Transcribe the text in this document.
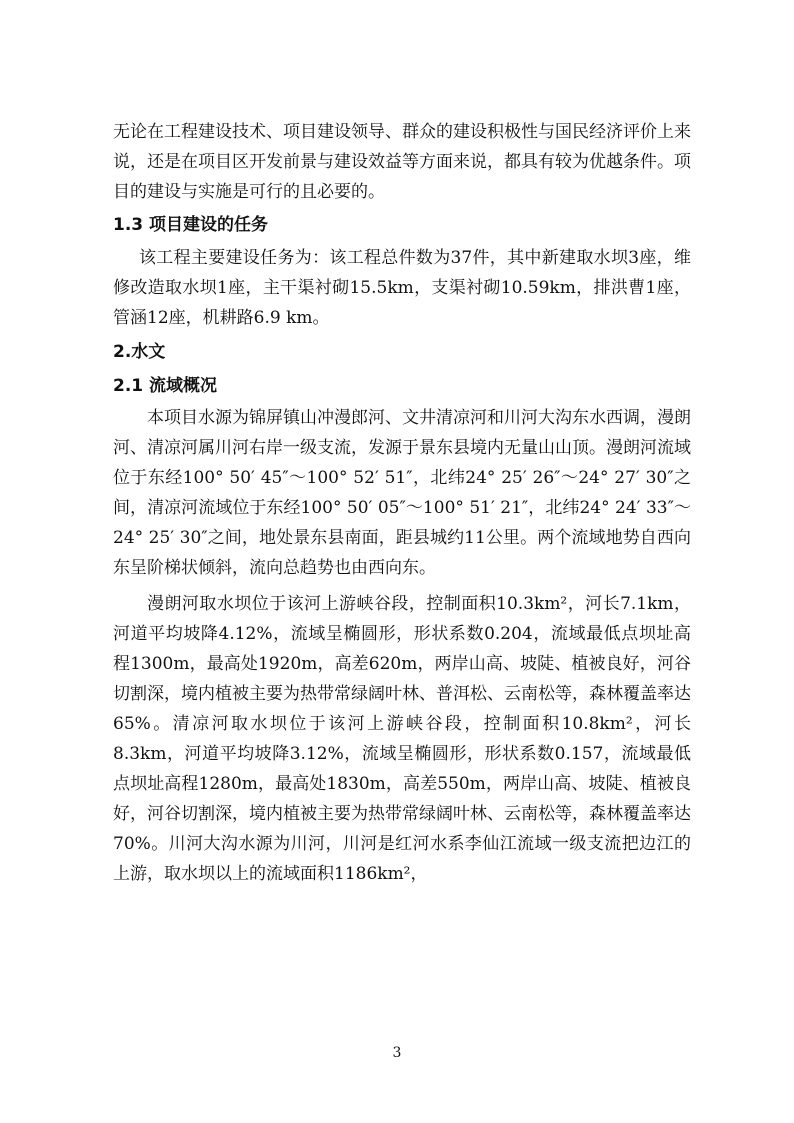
无论在工程建设技术、项目建设领导、群众的建设积极性与国民经济评价上来说，还是在项目区开发前景与建设效益等方面来说，都具有较为优越条件。项目的建设与实施是可行的且必要的。

1.3 项目建设的任务

该工程主要建设任务为：该工程总件数为37件，其中新建取水坝3座，维修改造取水坝1座，主干渠衬砌15.5km，支渠衬砌10.59km，排洪曹1座，管涵12座，机耕路6.9 km。

2.水文
2.1 流域概况

本项目水源为锦屏镇山冲漫郎河、文井清凉河和川河大沟东水西调，漫朗河、清凉河属川河右岸一级支流，发源于景东县境内无量山山顶。漫朗河流域位于东经100° 50′ 45″～100° 52′ 51″，北纬24° 25′ 26″～24° 27′ 30″之间，清凉河流域位于东经100° 50′ 05″～100° 51′ 21″，北纬24° 24′ 33″～24° 25′ 30″之间，地处景东县南面，距县城约11公里。两个流域地势自西向东呈阶梯状倾斜，流向总趋势也由西向东。

漫朗河取水坝位于该河上游峡谷段，控制面积10.3km²，河长7.1km，河道平均坡降4.12%，流域呈椭圆形，形状系数0.204，流域最低点坝址高程1300m，最高处1920m，高差620m，两岸山高、坡陡、植被良好，河谷切割深，境内植被主要为热带常绿阔叶林、普洱松、云南松等，森林覆盖率达65%。清凉河取水坝位于该河上游峡谷段，控制面积10.8km²，河长8.3km，河道平均坡降3.12%，流域呈椭圆形，形状系数0.157，流域最低点坝址高程1280m，最高处1830m，高差550m，两岸山高、坡陡、植被良好，河谷切割深，境内植被主要为热带常绿阔叶林、云南松等，森林覆盖率达70%。川河大沟水源为川河，川河是红河水系李仙江流域一级支流把边江的上游，取水坝以上的流域面积1186km²，

3
